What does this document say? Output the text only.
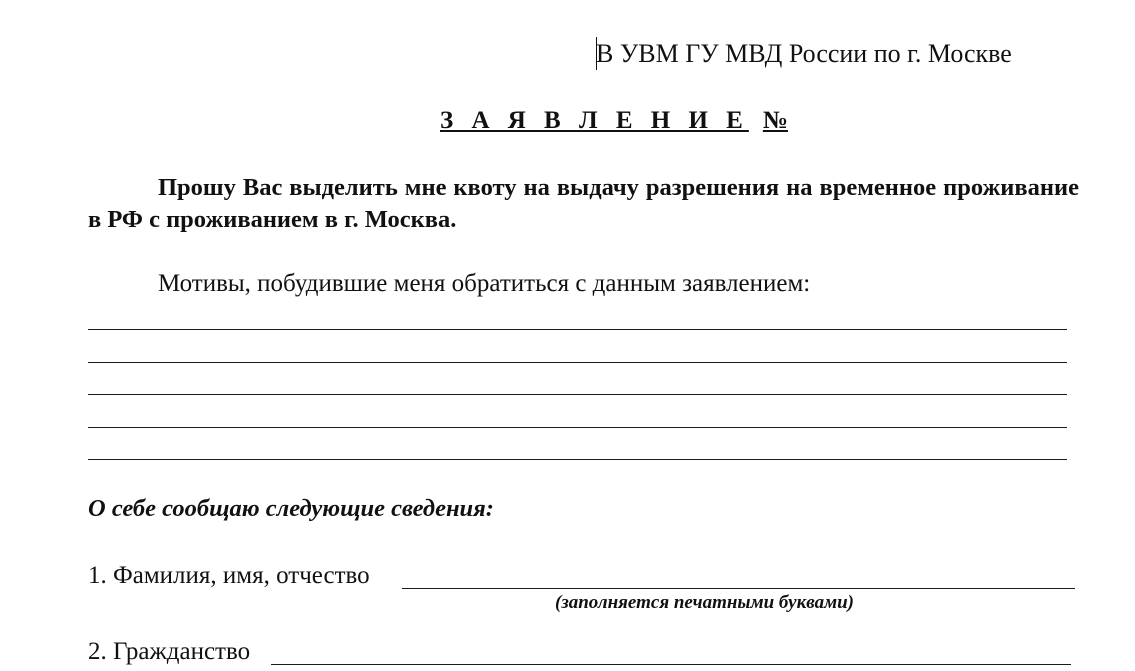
В УВМ ГУ МВД России по г. Москве
З А Я В Л Е Н И Е №
Прошу Вас выделить мне квоту на выдачу разрешения на временное проживание в РФ с проживанием в г. Москва.
Мотивы, побудившие меня обратиться с данным заявлением:
О себе сообщаю следующие сведения:
1. Фамилия, имя, отчество
(заполняется печатными буквами)
2. Гражданство
